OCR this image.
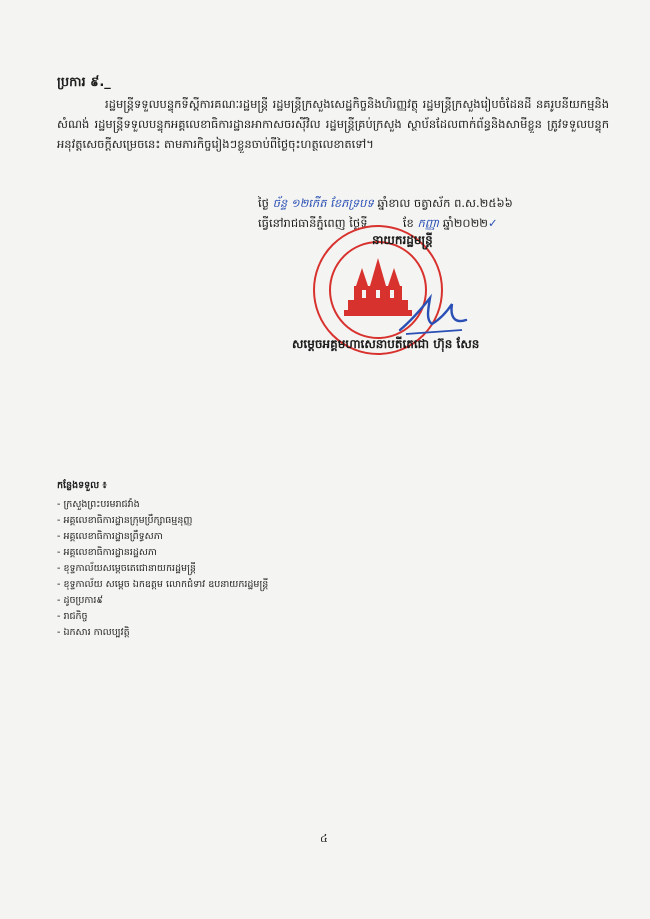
ប្រការ ៩._
រដ្ឋមន្ត្រីទទួលបន្ទុកទីស្តីការគណៈរដ្ឋមន្ត្រី រដ្ឋមន្ត្រីក្រសួងសេដ្ឋកិច្ចនិងហិរញ្ញវត្ថុ រដ្ឋមន្ត្រីក្រសួងរៀបចំដែនដី នគរូបនីយកម្មនិងសំណង់ រដ្ឋមន្ត្រីទទួលបន្ទុកអគ្គលេខាធិការដ្ឋានអាកាសចរស៊ីវិល រដ្ឋមន្ត្រីគ្រប់ក្រសួង ស្ថាប័នដែលពាក់ព័ន្ធនិងសាមីខ្លួន ត្រូវទទួលបន្ទុកអនុវត្តសេចក្តីសម្រេចនេះ តាមភារកិច្ចរៀងៗខ្លួនចាប់ពីថ្ងៃចុះហត្ថលេខាតទៅ។
ថ្ងៃ ច័ន្ទ ១២កើត ខែភទ្របទ ឆ្នាំខាល ចត្វាស័ក ព.ស.២៥៦៦
ធ្វើនៅរាជធានីភ្នំពេញ ថ្ងៃទី	ខែ កញ្ញា ឆ្នាំ២០២២✓
នាយករដ្ឋមន្ត្រី
សម្តេចអគ្គមហាសេនាបតីតេជោ ហ៊ុន សែន
កន្លែងទទួល ៖
- ក្រសួងព្រះបរមរាជវាំង
- អគ្គលេខាធិការដ្ឋានក្រុមប្រឹក្សាធម្មនុញ្ញ
- អគ្គលេខាធិការដ្ឋានព្រឹទ្ធសភា
- អគ្គលេខាធិការដ្ឋានរដ្ឋសភា
- ខុទ្ទកាល័យសម្តេចតេជោនាយករដ្ឋមន្ត្រី
- ខុទ្ទកាល័យ សម្តេច ឯកឧត្តម លោកជំទាវ ឧបនាយករដ្ឋមន្ត្រី
- ដូចប្រការ៩
- រាជកិច្ច
- ឯកសារ កាលប្បវត្តិ
៤
